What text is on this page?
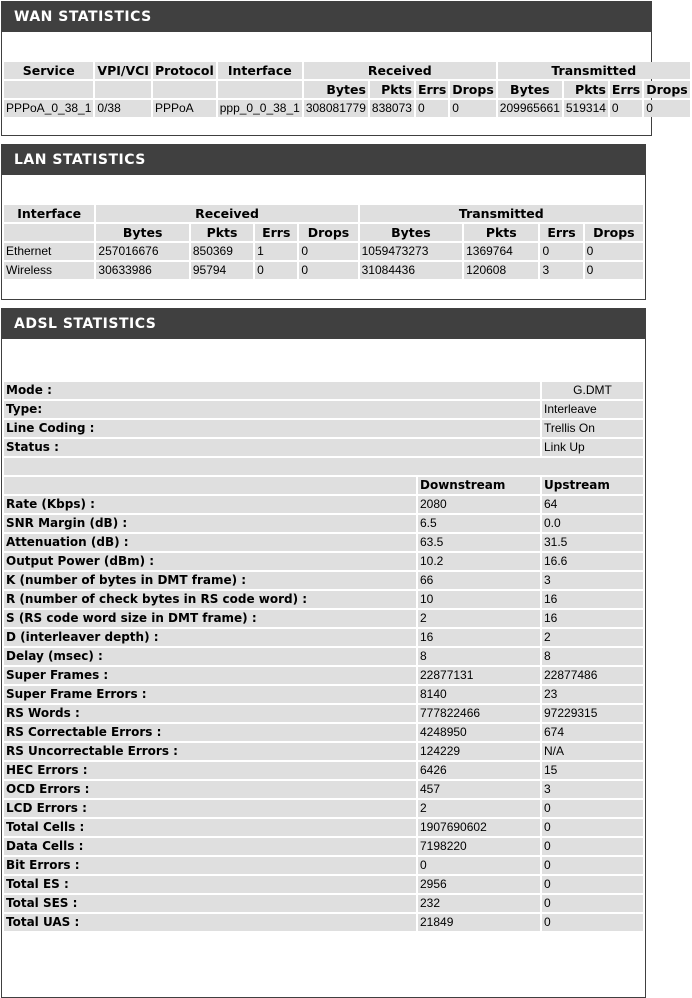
WAN STATISTICS
Service	VPI/VCI	Protocol	Interface	Received				Transmitted			
				Bytes	Pkts	Errs	Drops	Bytes	Pkts	Errs	Drops
PPPoA_0_38_1	0/38	PPPoA	ppp_0_0_38_1	308081779	838073	0	0	209965661	519314	0	0
LAN STATISTICS
Interface	Received				Transmitted			
	Bytes	Pkts	Errs	Drops	Bytes	Pkts	Errs	Drops
Ethernet	257016676	850369	1	0	1059473273	1369764	0	0
Wireless	30633986	95794	0	0	31084436	120608	3	0
ADSL STATISTICS
Mode :		G.DMT
Type:		Interleave
Line Coding :		Trellis On
Status :		Link Up

	Downstream	Upstream
Rate (Kbps) :	2080	64
SNR Margin (dB) :	6.5	0.0
Attenuation (dB) :	63.5	31.5
Output Power (dBm) :	10.2	16.6
K (number of bytes in DMT frame) :	66	3
R (number of check bytes in RS code word) :	10	16
S (RS code word size in DMT frame) :	2	16
D (interleaver depth) :	16	2
Delay (msec) :	8	8
Super Frames :	22877131	22877486
Super Frame Errors :	8140	23
RS Words :	777822466	97229315
RS Correctable Errors :	4248950	674
RS Uncorrectable Errors :	124229	N/A
HEC Errors :	6426	15
OCD Errors :	457	3
LCD Errors :	2	0
Total Cells :	1907690602	0
Data Cells :	7198220	0
Bit Errors :	0	0
Total ES :	2956	0
Total SES :	232	0
Total UAS :	21849	0
